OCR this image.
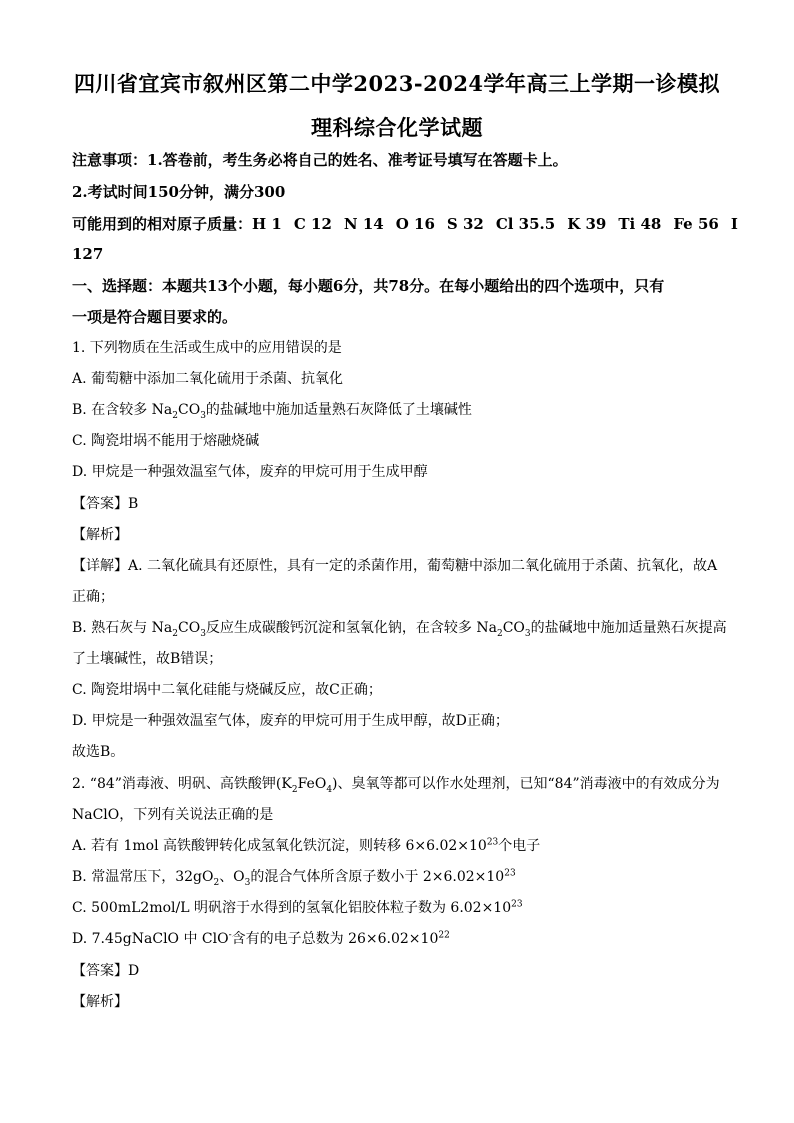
四川省宜宾市叙州区第二中学2023-2024学年高三上学期一诊模拟
理科综合化学试题
注意事项：1.答卷前，考生务必将自己的姓名、准考证号填写在答题卡上。
2.考试时间150分钟，满分300
可能用到的相对原子质量：H 1 C 12 N 14 O 16 S 32 Cl 35.5 K 39 Ti 48 Fe 56 I
127
一、选择题：本题共13个小题，每小题6分，共78分。在每小题给出的四个选项中，只有
一项是符合题目要求的。
1. 下列物质在生活或生成中的应用错误的是
A. 葡萄糖中添加二氧化硫用于杀菌、抗氧化
B. 在含较多 $Na_2CO_3$的盐碱地中施加适量熟石灰降低了土壤碱性
C. 陶瓷坩埚不能用于熔融烧碱
D. 甲烷是一种强效温室气体，废弃的甲烷可用于生成甲醇
【答案】B
【解析】
【详解】A. 二氧化硫具有还原性，具有一定的杀菌作用，葡萄糖中添加二氧化硫用于杀菌、抗氧化，故A
正确；
B. 熟石灰与 $Na_2CO_3$反应生成碳酸钙沉淀和氢氧化钠，在含较多 $Na_2CO_3$的盐碱地中施加适量熟石灰提高
了土壤碱性，故B错误；
C. 陶瓷坩埚中二氧化硅能与烧碱反应，故C正确；
D. 甲烷是一种强效温室气体，废弃的甲烷可用于生成甲醇，故D正确；
故选B。
2. “84”消毒液、明矾、高铁酸钾$(K_2FeO_4)$、臭氧等都可以作水处理剂，已知“84”消毒液中的有效成分为
NaClO，下列有关说法正确的是
A. 若有 1mol 高铁酸钾转化成氢氧化铁沉淀，则转移 $6\times 6.02\times 10^{23}$个电子
B. 常温常压下，$32gO_2$、$O_3$的混合气体所含原子数小于 $2\times 6.02\times 10^{23}$
C. 500mL2mol/L 明矾溶于水得到的氢氧化铝胶体粒子数为 $6.02\times 10^{23}$
D. 7.45gNaClO 中 ClO-含有的电子总数为 $26\times 6.02\times 10^{22}$
【答案】D
【解析】
